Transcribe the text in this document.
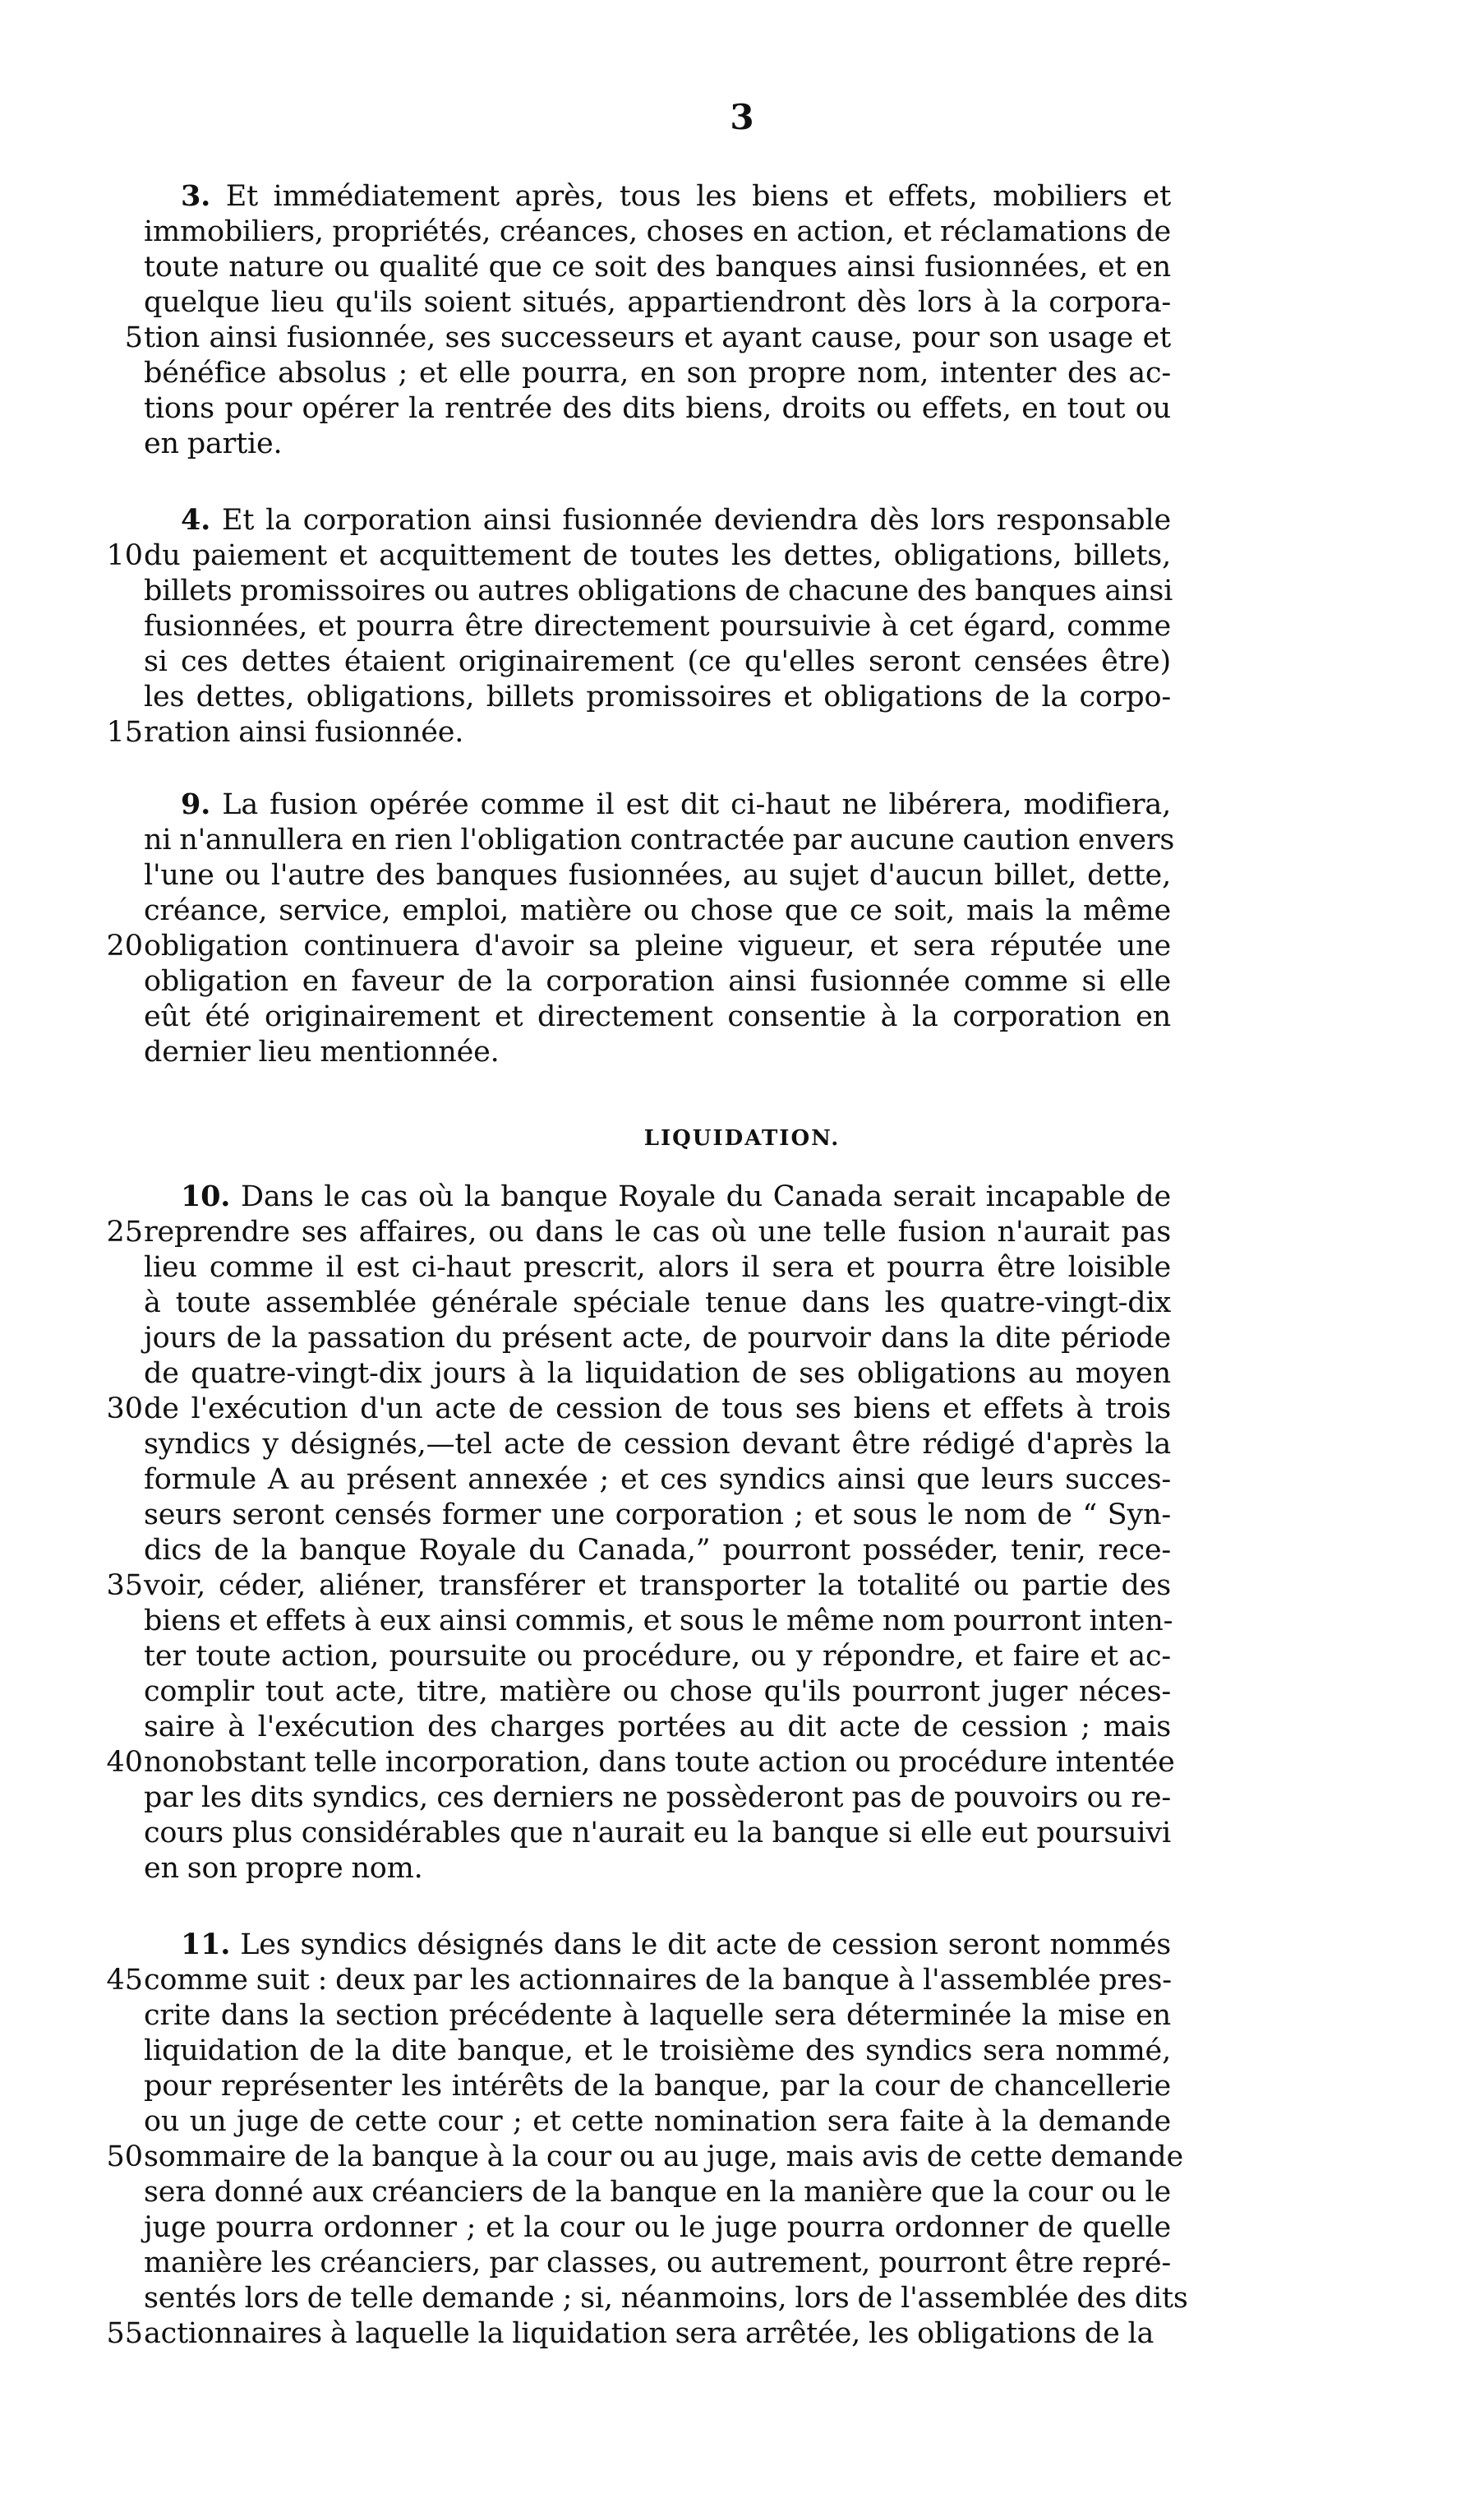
3
3. Et immédiatement après, tous les biens et effets, mobiliers et
immobiliers, propriétés, créances, choses en action, et réclamations de
toute nature ou qualité que ce soit des banques ainsi fusionnées, et en
quelque lieu qu'ils soient situés, appartiendront dès lors à la corpora-
5 tion ainsi fusionnée, ses successeurs et ayant cause, pour son usage et
bénéfice absolus ; et elle pourra, en son propre nom, intenter des ac-
tions pour opérer la rentrée des dits biens, droits ou effets, en tout ou
en partie.
4. Et la corporation ainsi fusionnée deviendra dès lors responsable
10 du paiement et acquittement de toutes les dettes, obligations, billets,
billets promissoires ou autres obligations de chacune des banques ainsi
fusionnées, et pourra être directement poursuivie à cet égard, comme
si ces dettes étaient originairement (ce qu'elles seront censées être)
les dettes, obligations, billets promissoires et obligations de la corpo-
15 ration ainsi fusionnée.
9. La fusion opérée comme il est dit ci-haut ne libérera, modifiera,
ni n'annullera en rien l'obligation contractée par aucune caution envers
l'une ou l'autre des banques fusionnées, au sujet d'aucun billet, dette,
créance, service, emploi, matière ou chose que ce soit, mais la même
20 obligation continuera d'avoir sa pleine vigueur, et sera réputée une
obligation en faveur de la corporation ainsi fusionnée comme si elle
eût été originairement et directement consentie à la corporation en
dernier lieu mentionnée.
LIQUIDATION.
10. Dans le cas où la banque Royale du Canada serait incapable de
25 reprendre ses affaires, ou dans le cas où une telle fusion n'aurait pas
lieu comme il est ci-haut prescrit, alors il sera et pourra être loisible
à toute assemblée générale spéciale tenue dans les quatre-vingt-dix
jours de la passation du présent acte, de pourvoir dans la dite période
de quatre-vingt-dix jours à la liquidation de ses obligations au moyen
30 de l'exécution d'un acte de cession de tous ses biens et effets à trois
syndics y désignés,—tel acte de cession devant être rédigé d'après la
formule A au présent annexée ; et ces syndics ainsi que leurs succes-
seurs seront censés former une corporation ; et sous le nom de “ Syn-
dics de la banque Royale du Canada,” pourront posséder, tenir, rece-
35 voir, céder, aliéner, transférer et transporter la totalité ou partie des
biens et effets à eux ainsi commis, et sous le même nom pourront inten-
ter toute action, poursuite ou procédure, ou y répondre, et faire et ac-
complir tout acte, titre, matière ou chose qu'ils pourront juger néces-
saire à l'exécution des charges portées au dit acte de cession ; mais
40 nonobstant telle incorporation, dans toute action ou procédure intentée
par les dits syndics, ces derniers ne possèderont pas de pouvoirs ou re-
cours plus considérables que n'aurait eu la banque si elle eut poursuivi
en son propre nom.
11. Les syndics désignés dans le dit acte de cession seront nommés
45 comme suit : deux par les actionnaires de la banque à l'assemblée pres-
crite dans la section précédente à laquelle sera déterminée la mise en
liquidation de la dite banque, et le troisième des syndics sera nommé,
pour représenter les intérêts de la banque, par la cour de chancellerie
ou un juge de cette cour ; et cette nomination sera faite à la demande
50 sommaire de la banque à la cour ou au juge, mais avis de cette demande
sera donné aux créanciers de la banque en la manière que la cour ou le
juge pourra ordonner ; et la cour ou le juge pourra ordonner de quelle
manière les créanciers, par classes, ou autrement, pourront être repré-
sentés lors de telle demande ; si, néanmoins, lors de l'assemblée des dits
55 actionnaires à laquelle la liquidation sera arrêtée, les obligations de la
